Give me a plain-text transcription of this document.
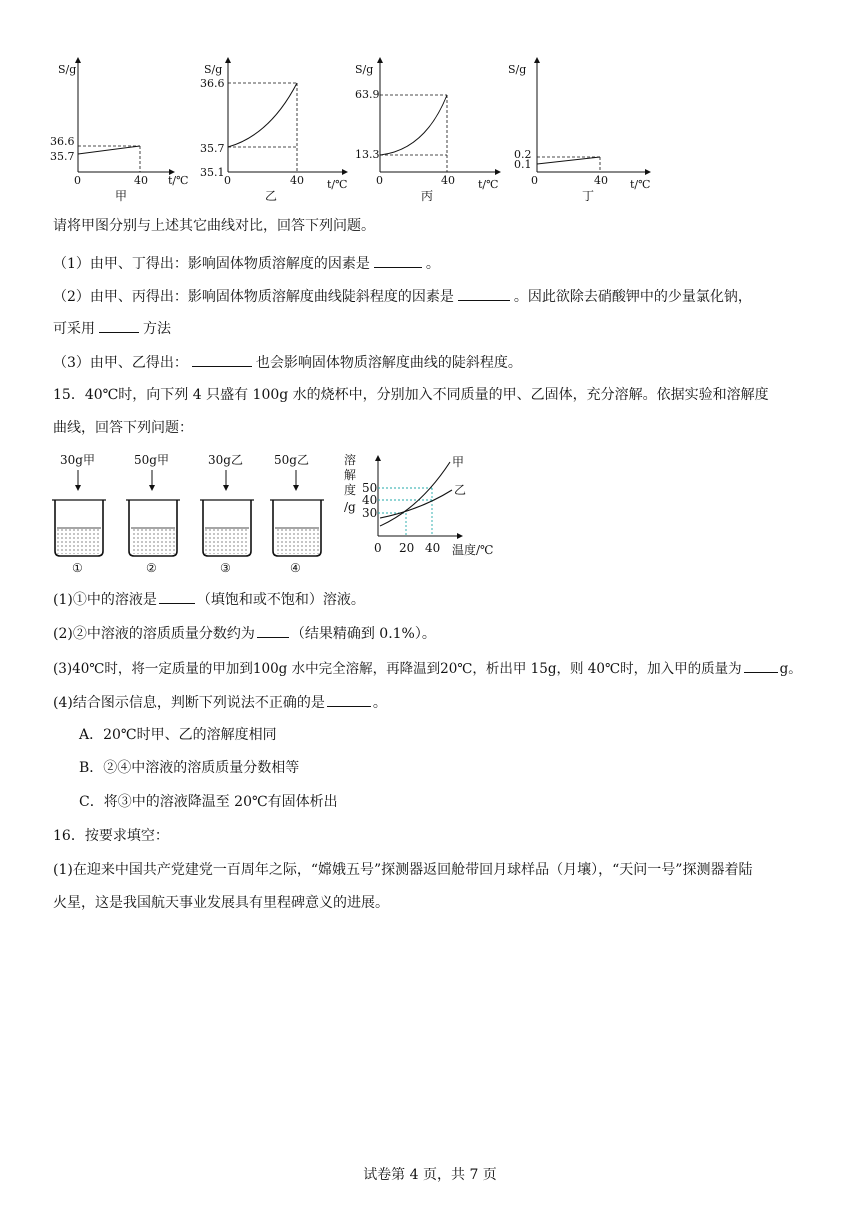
S/g
36.6
35.7
0	40 t/℃
甲
S/g
36.6
35.7
35.1
0	40 t/℃
乙
S/g
63.9
13.3
0	40 t/℃
丙
S/g
0.2
0.1
0	40 t/℃
丁
请将甲图分别与上述其它曲线对比，回答下列问题。
（1）由甲、丁得出：影响固体物质溶解度的因素是	。
（2）由甲、丙得出：影响固体物质溶解度曲线陡斜程度的因素是	。因此欲除去硝酸钾中的少量氯化钠，
可采用	方法
（3）由甲、乙得出：	也会影响固体物质溶解度曲线的陡斜程度。
15．40℃时，向下列 4 只盛有 100g 水的烧杯中，分别加入不同质量的甲、乙固体，充分溶解。依据实验和溶解度
曲线，回答下列问题：
30g甲
①
50g甲
②
30g乙
③
50g乙
④
溶
解
度
/g
50
40
30
甲
乙
0 20 40 温度/℃
(1)①中的溶液是	（填饱和或不饱和）溶液。
(2)②中溶液的溶质质量分数约为	（结果精确到 0.1%）。
(3)40℃时，将一定质量的甲加到100g 水中完全溶解，再降温到20℃，析出甲 15g，则 40℃时，加入甲的质量为	g。
(4)结合图示信息，判断下列说法不正确的是	。
A．20℃时甲、乙的溶解度相同
B．②④中溶液的溶质质量分数相等
C．将③中的溶液降温至 20℃有固体析出
16．按要求填空：
(1)在迎来中国共产党建党一百周年之际，“嫦娥五号”探测器返回舱带回月球样品（月壤），“天问一号”探测器着陆
火星，这是我国航天事业发展具有里程碑意义的进展。
试卷第 4 页，共 7 页
